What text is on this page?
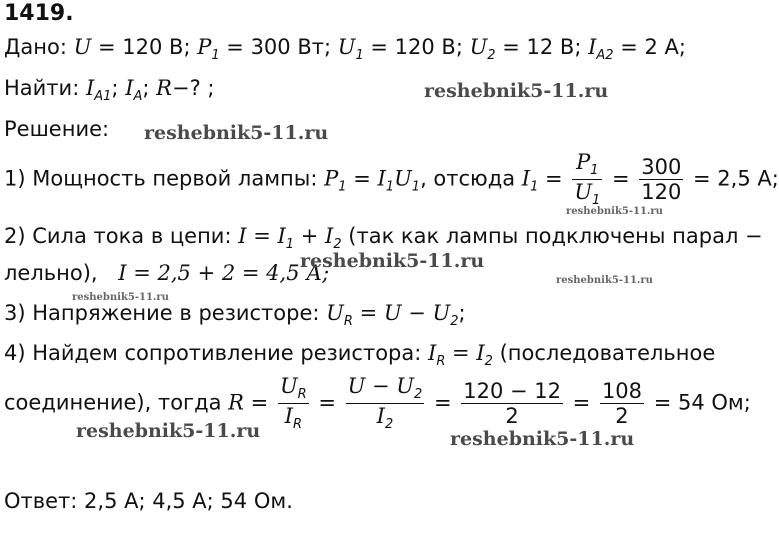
1419.
Дано: U = 120 В; $P_1 = 300$ Вт; $U_1 = 120$ В; $U_2 = 12$ В; $I_{A2} = 2$ А;
Найти: $I_{A1}$; $I_A$; R−? ;
Решение:
1) Мощность первой лампы: $P_1 = I_1U_1$, отсюда $I_1 = \frac{P_1}{U_1} = \frac{300}{120} = 2,5$ А;
2) Сила тока в цепи: $I = I_1 + I_2$ (так как лампы подключены парал −
лельно), I = 2,5 + 2 = 4,5 А;
3) Напряжение в резисторе: $U_R = U - U_2$;
4) Найдем сопротивление резистора: $I_R = I_2$ (последовательное
соединение), тогда $R = \frac{U_R}{I_R} = \frac{U - U_2}{I_2} = \frac{120 - 12}{2} = \frac{108}{2} = 54$ Ом;
Ответ: 2,5 А; 4,5 А; 54 Ом.
reshebnik5-11.ru
reshebnik5-11.ru
reshebnik5-11.ru
reshebnik5-11.ru
reshebnik5-11.ru
reshebnik5-11.ru
reshebnik5-11.ru	reshebnik5-11.ru
